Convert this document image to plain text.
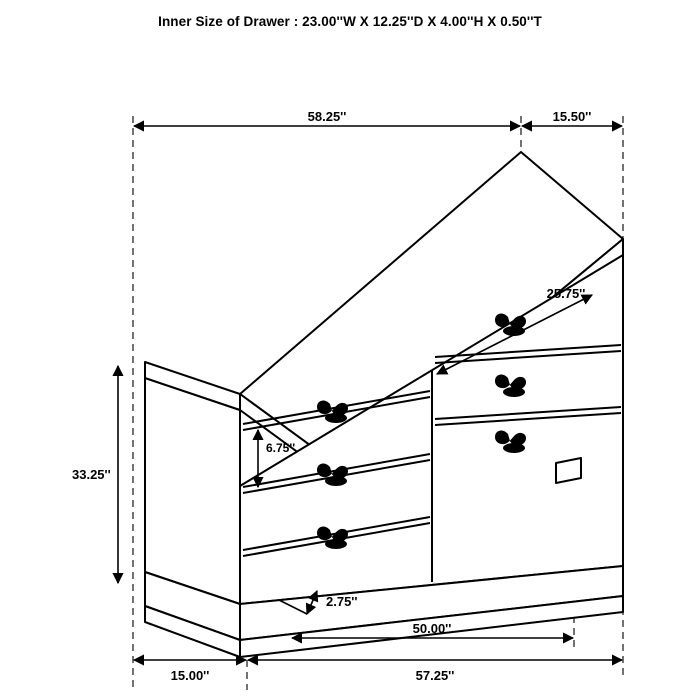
Inner Size of Drawer : 23.00''W X 12.25''D X 4.00''H X 0.50''T
58.25''	15.50''
25.75''
6.75''
33.25''
2.75''
15.00''
50.00''
57.25''
